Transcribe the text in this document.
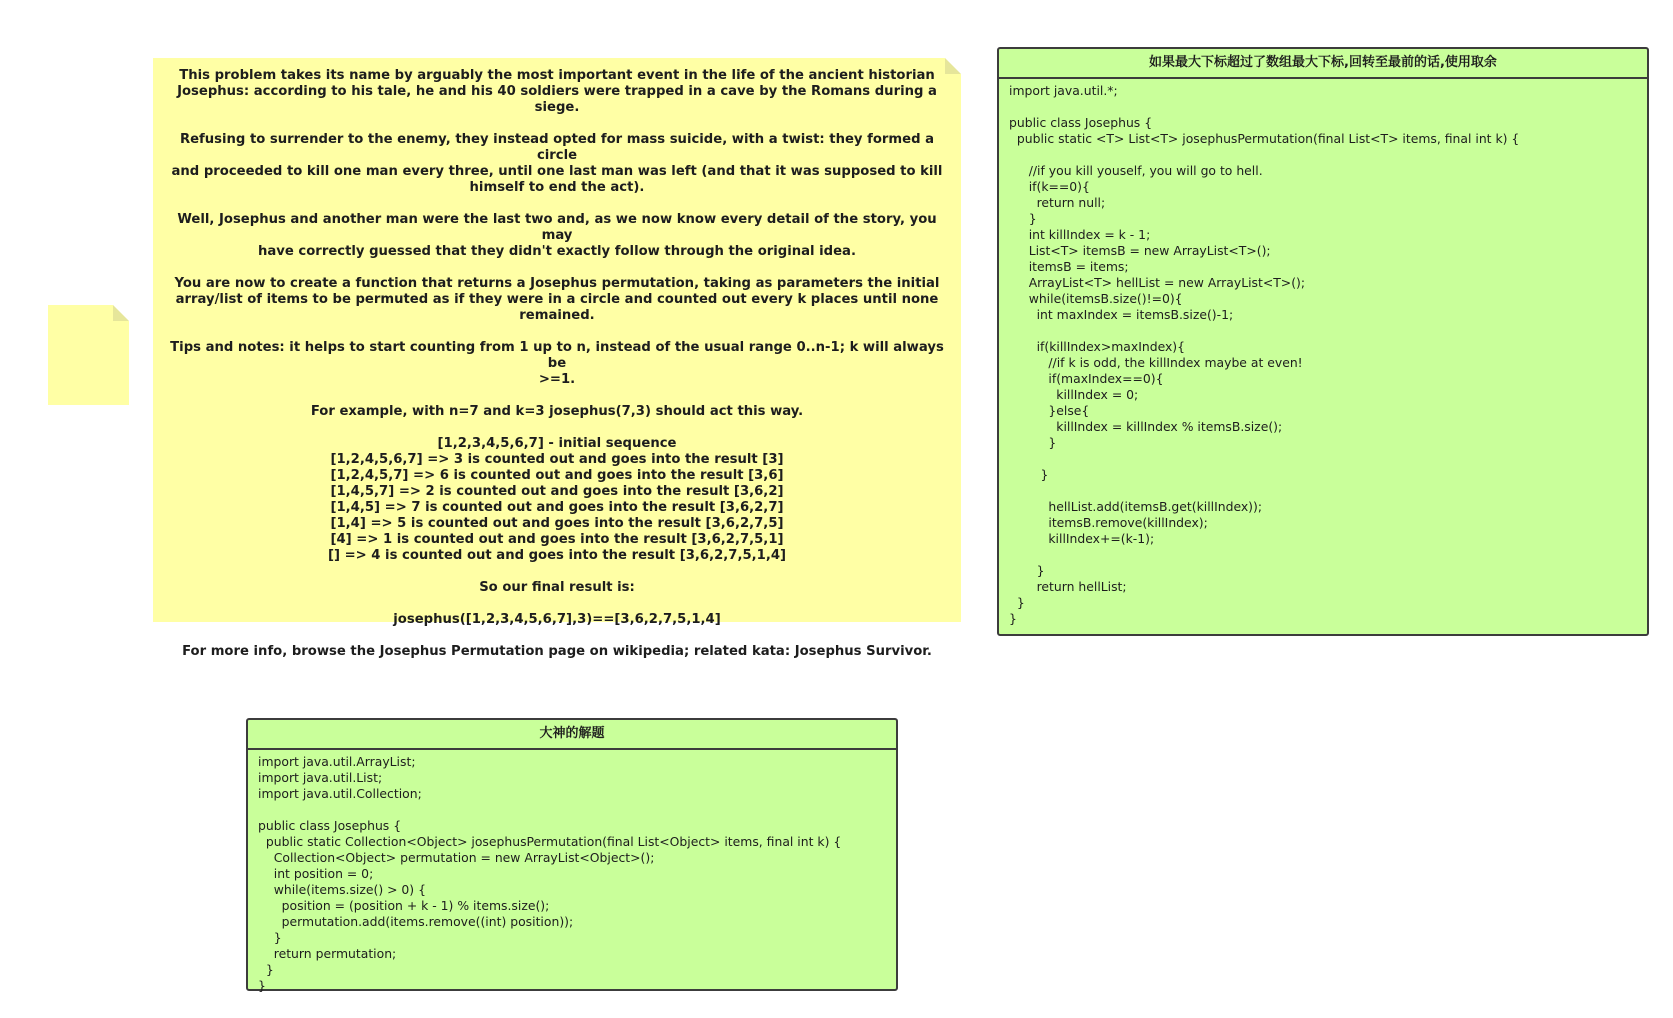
This problem takes its name by arguably the most important event in the life of the ancient historian
Josephus: according to his tale, he and his 40 soldiers were trapped in a cave by the Romans during a siege.

Refusing to surrender to the enemy, they instead opted for mass suicide, with a twist: they formed a circle
and proceeded to kill one man every three, until one last man was left (and that it was supposed to kill
himself to end the act).

Well, Josephus and another man were the last two and, as we now know every detail of the story, you may
have correctly guessed that they didn't exactly follow through the original idea.

You are now to create a function that returns a Josephus permutation, taking as parameters the initial
array/list of items to be permuted as if they were in a circle and counted out every k places until none
remained.

Tips and notes: it helps to start counting from 1 up to n, instead of the usual range 0..n-1; k will always be
>=1.

For example, with n=7 and k=3 josephus(7,3) should act this way.

[1,2,3,4,5,6,7] - initial sequence
[1,2,4,5,6,7] => 3 is counted out and goes into the result [3]
[1,2,4,5,7] => 6 is counted out and goes into the result [3,6]
[1,4,5,7] => 2 is counted out and goes into the result [3,6,2]
[1,4,5] => 7 is counted out and goes into the result [3,6,2,7]
[1,4] => 5 is counted out and goes into the result [3,6,2,7,5]
[4] => 1 is counted out and goes into the result [3,6,2,7,5,1]
[] => 4 is counted out and goes into the result [3,6,2,7,5,1,4]

So our final result is:

josephus([1,2,3,4,5,6,7],3)==[3,6,2,7,5,1,4]

For more info, browse the Josephus Permutation page on wikipedia; related kata: Josephus Survivor.

如果最大下标超过了数组最大下标,回转至最前的话,使用取余
import java.util.*;

public class Josephus {
public static <T> List<T> josephusPermutation(final List<T> items, final int k) {

//if you kill youself, you will go to hell.
if(k==0){
return null;
}
int killIndex = k - 1;
List<T> itemsB = new ArrayList<T>();
itemsB = items;
ArrayList<T> hellList = new ArrayList<T>();
while(itemsB.size()!=0){
int maxIndex = itemsB.size()-1;

if(killIndex>maxIndex){
//if k is odd, the killIndex maybe at even!
if(maxIndex==0){
killIndex = 0;
}else{
killIndex = killIndex % itemsB.size();
}

}

hellList.add(itemsB.get(killIndex));
itemsB.remove(killIndex);
killIndex+=(k-1);

}
return hellList;
}
}
大神的解题
import java.util.ArrayList;
import java.util.List;
import java.util.Collection;

public class Josephus {
public static Collection<Object> josephusPermutation(final List<Object> items, final int k) {
Collection<Object> permutation = new ArrayList<Object>();
int position = 0;
while(items.size() > 0) {
position = (position + k - 1) % items.size();
permutation.add(items.remove((int) position));
}
return permutation;
}
}
